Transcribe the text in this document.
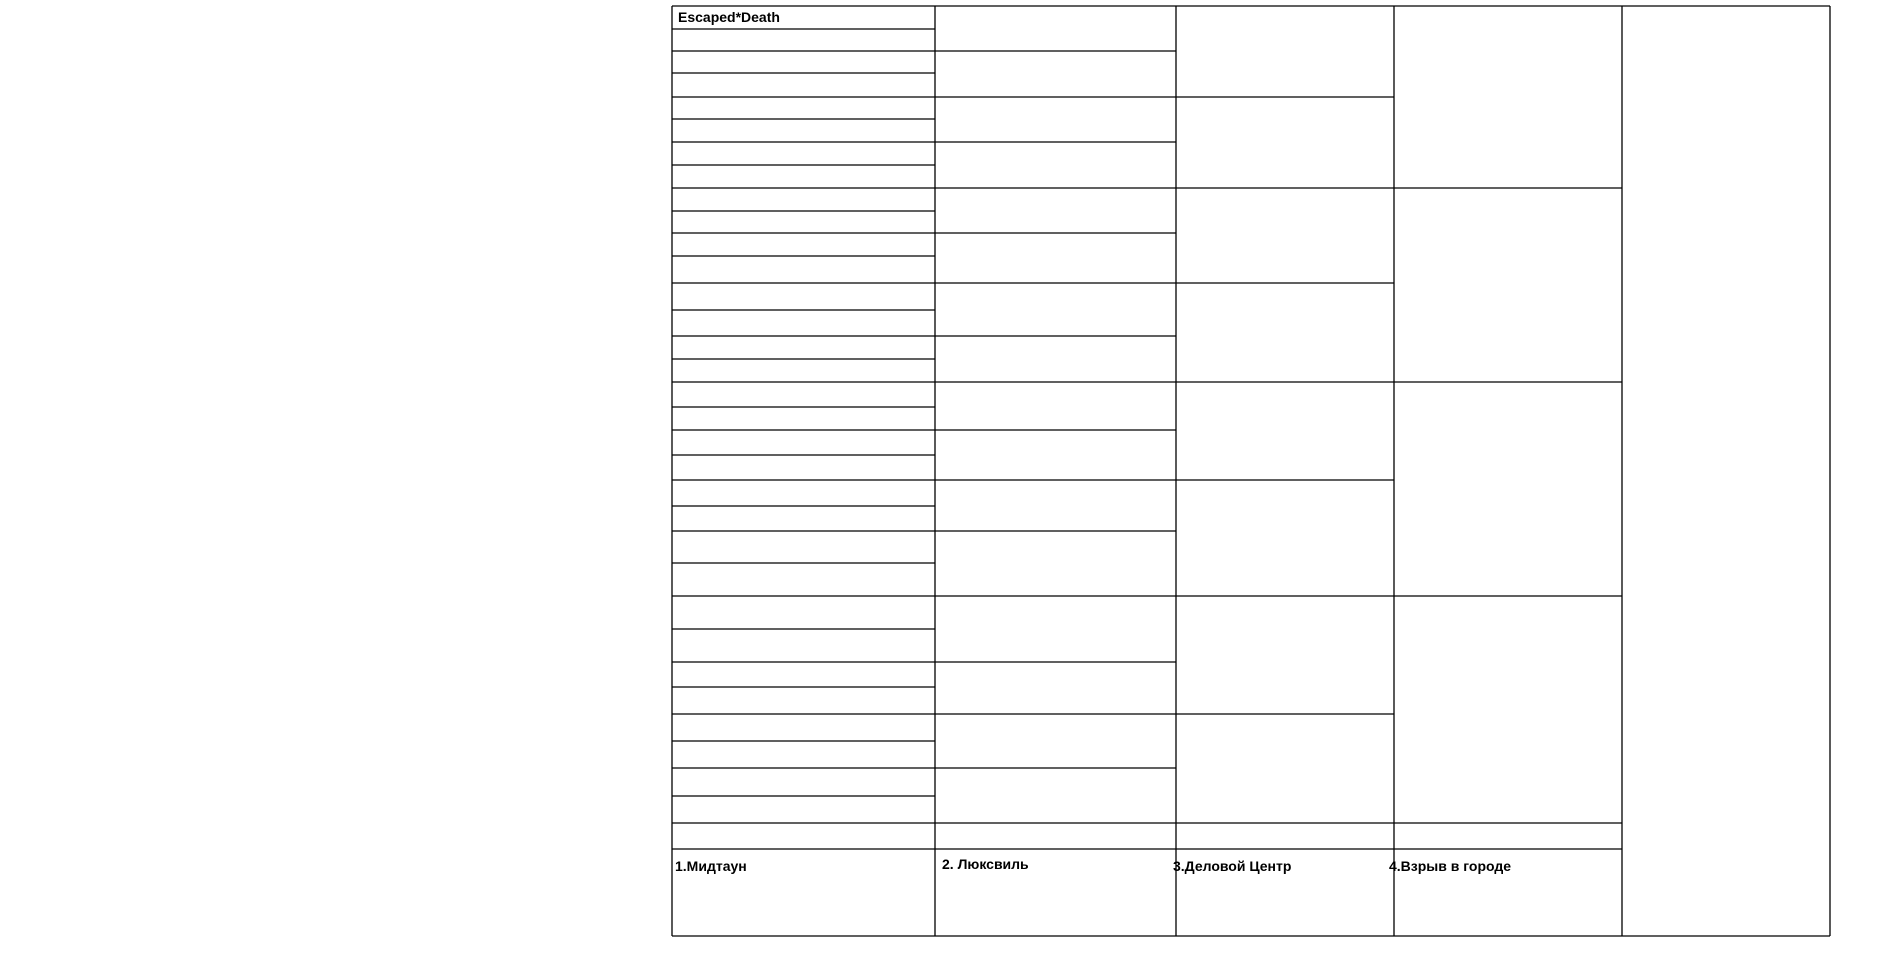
Escaped*Death
1.Мидтаун	2. Люксвиль	3.Деловой Центр	4.Взрыв в городе
